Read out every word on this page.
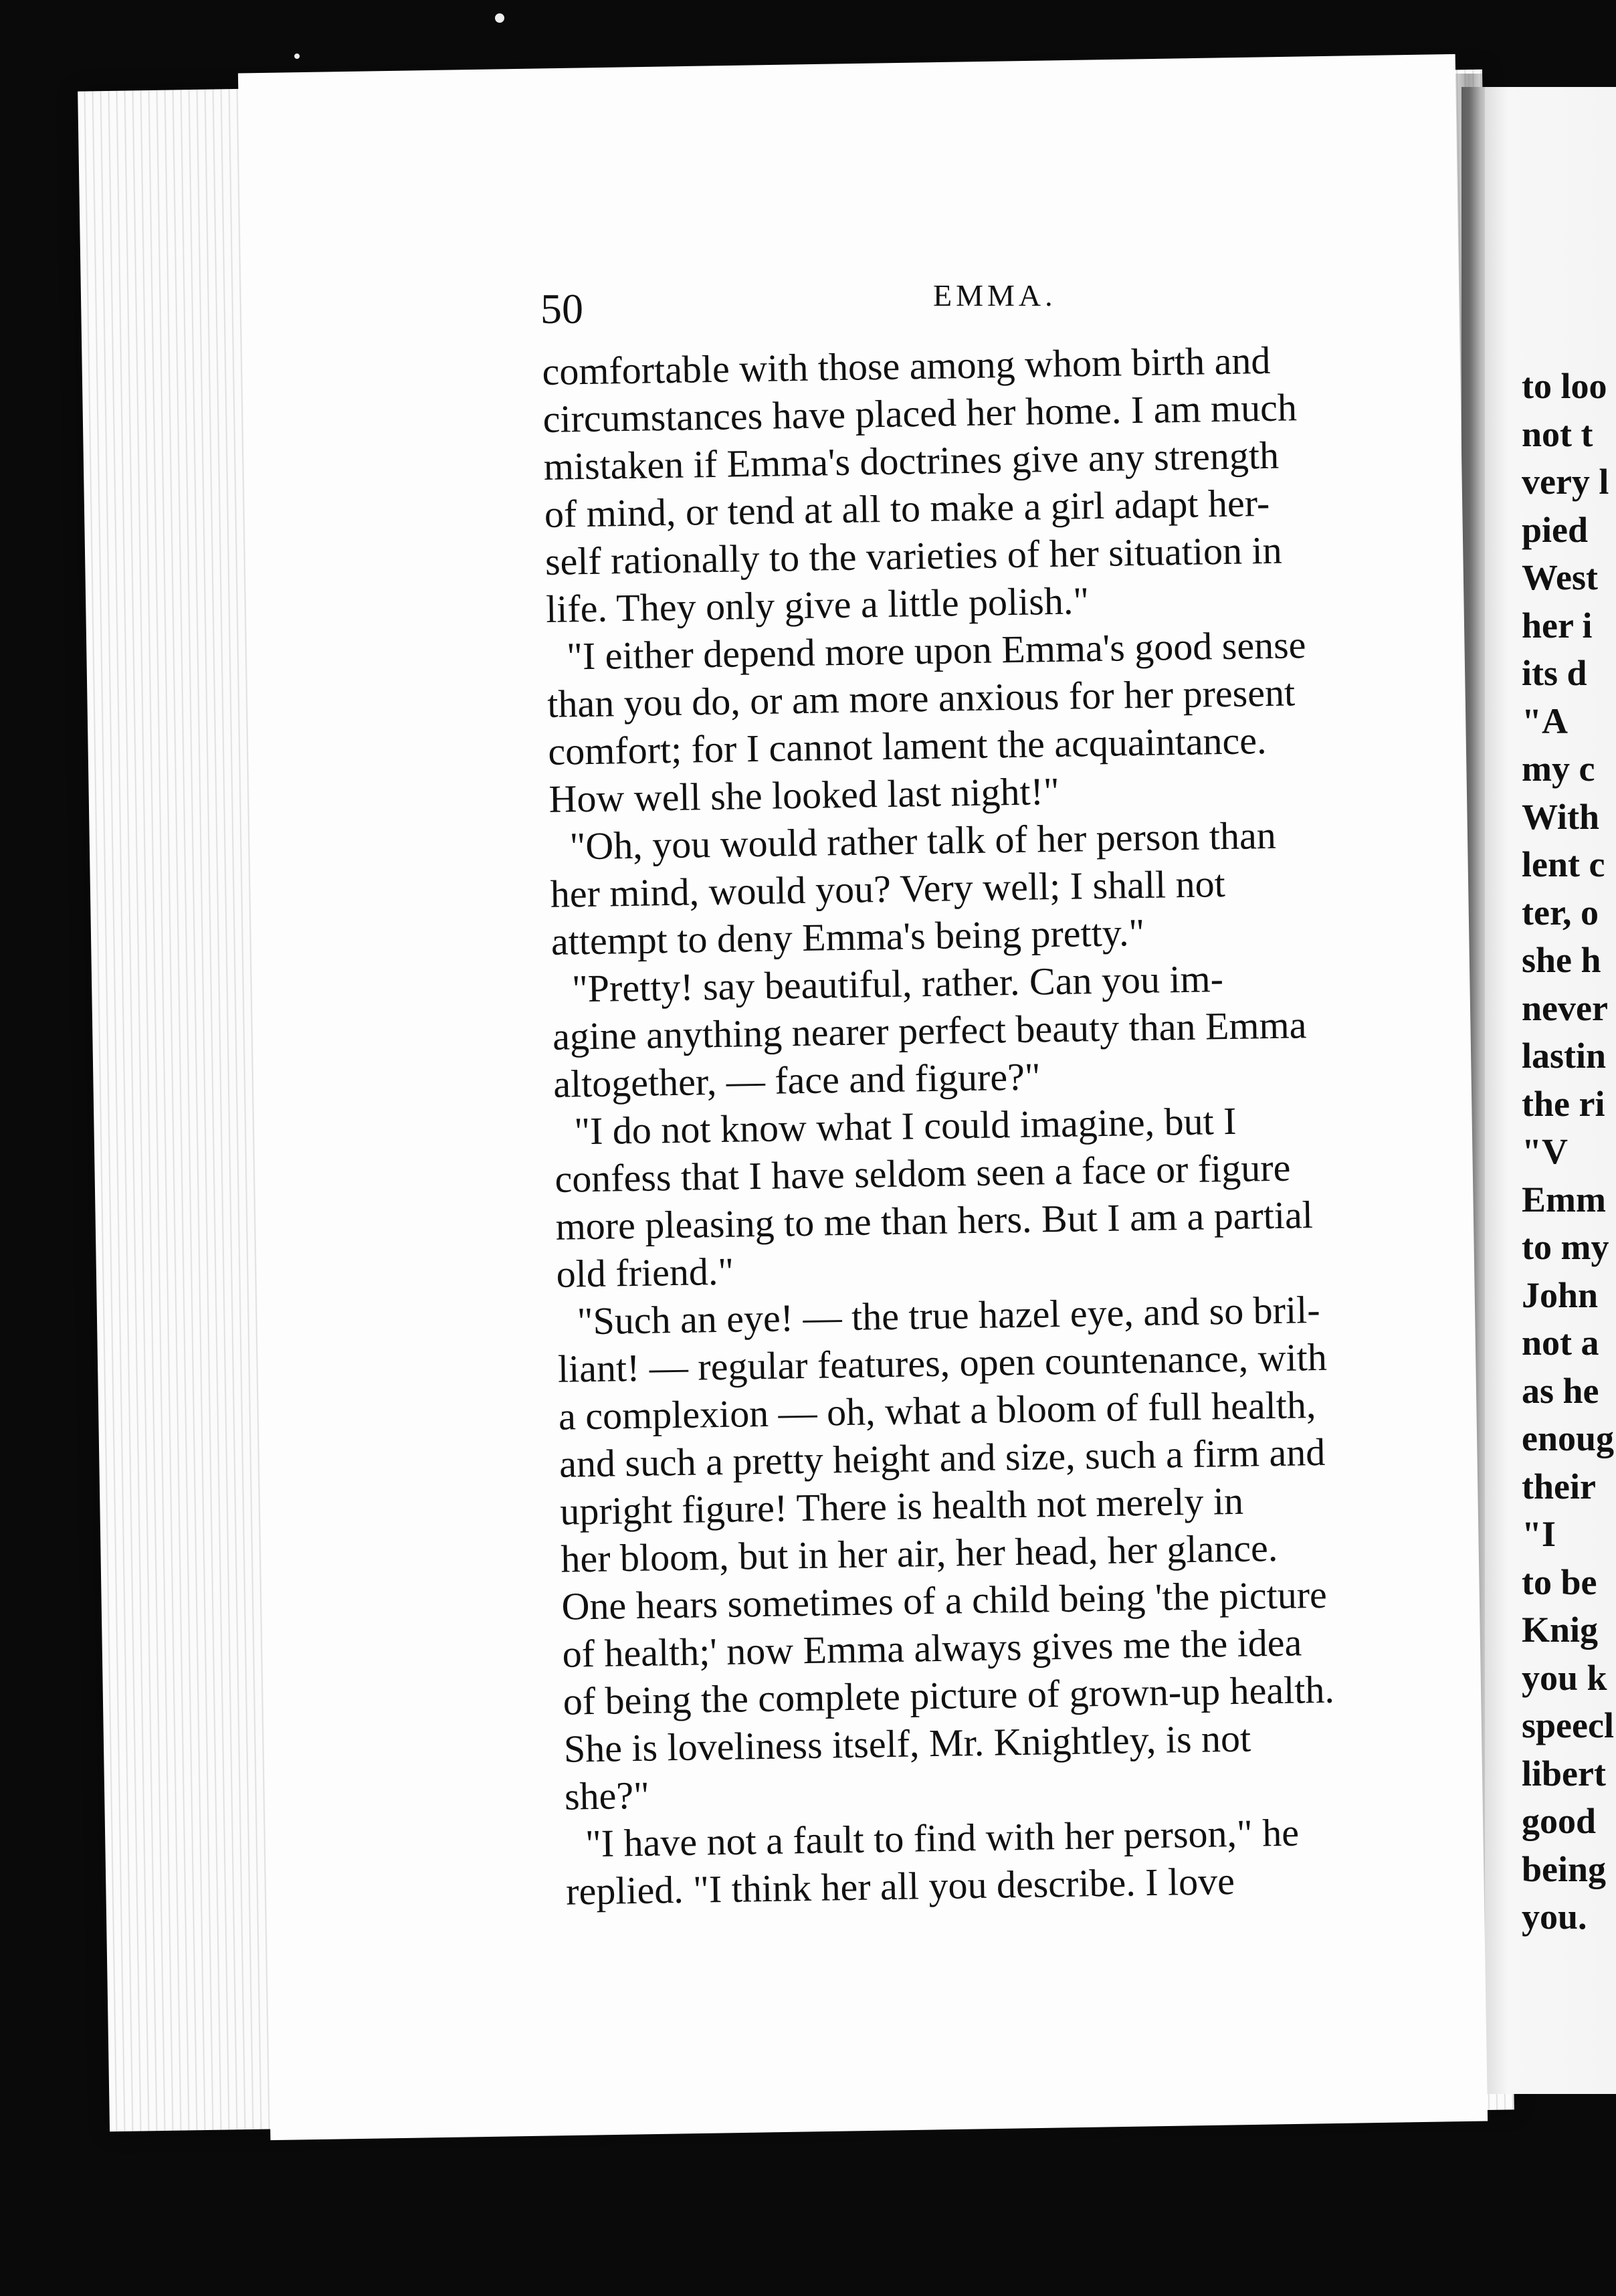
to loo
not t
very l
pied
West
her i
its d
"A
my c
With
lent c
ter, o
she h
never
lastin
the ri
"V
Emm
to my
John
not a
as he
enoug
their
"I
to be
Knig
you k
speecl
libert
good
being
you.
50	EMMA.
comfortable with those among whom birth and
circumstances have placed her home. I am much
mistaken if Emma's doctrines give any strength
of mind, or tend at all to make a girl adapt her-
self rationally to the varieties of her situation in
life. They only give a little polish."
"I either depend more upon Emma's good sense
than you do, or am more anxious for her present
comfort; for I cannot lament the acquaintance.
How well she looked last night!"
"Oh, you would rather talk of her person than
her mind, would you? Very well; I shall not
attempt to deny Emma's being pretty."
"Pretty! say beautiful, rather. Can you im-
agine anything nearer perfect beauty than Emma
altogether, — face and figure?"
"I do not know what I could imagine, but I
confess that I have seldom seen a face or figure
more pleasing to me than hers. But I am a partial
old friend."
"Such an eye! — the true hazel eye, and so bril-
liant! — regular features, open countenance, with
a complexion — oh, what a bloom of full health,
and such a pretty height and size, such a firm and
upright figure! There is health not merely in
her bloom, but in her air, her head, her glance.
One hears sometimes of a child being 'the picture
of health;' now Emma always gives me the idea
of being the complete picture of grown-up health.
She is loveliness itself, Mr. Knightley, is not
she?"
"I have not a fault to find with her person," he
replied. "I think her all you describe. I love
